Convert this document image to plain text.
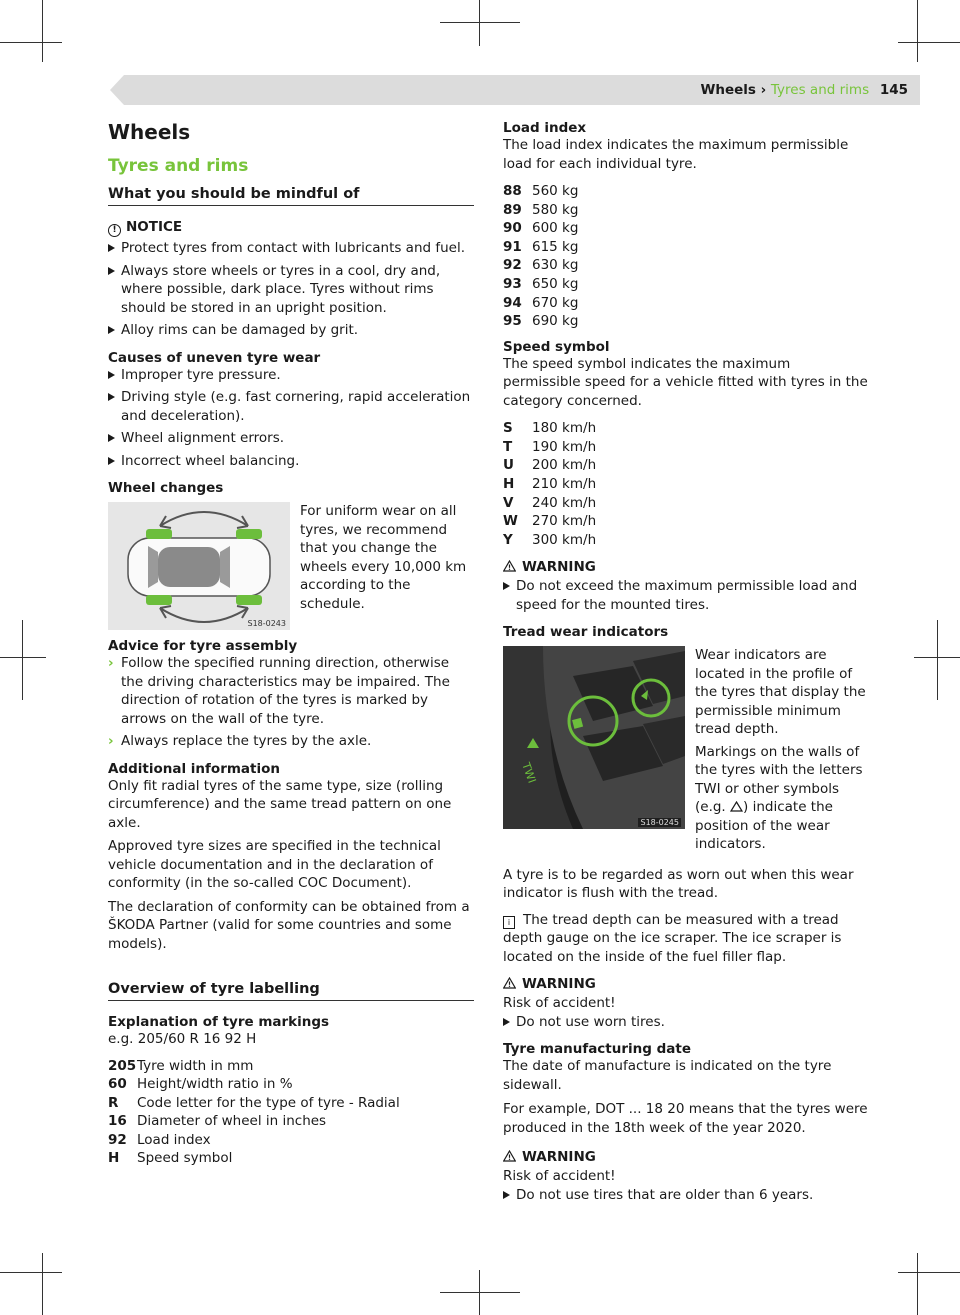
Wheels › Tyres and rims 145
Wheels
Tyres and rims
What you should be mindful of
! NOTICE
Protect tyres from contact with lubricants and fuel.
Always store wheels or tyres in a cool, dry and, where possible, dark place. Tyres without rims should be stored in an upright position.
Alloy rims can be damaged by grit.
Causes of uneven tyre wear
Improper tyre pressure.
Driving style (e.g. fast cornering, rapid acceleration and deceleration).
Wheel alignment errors.
Incorrect wheel balancing.
Wheel changes
S18-0243

For uniform wear on all tyres, we recommend that you change the wheels every 10,000 km according to the schedule.

Advice for tyre assembly
› Follow the specified running direction, otherwise the driving characteristics may be impaired. The direction of rotation of the tyres is marked by arrows on the wall of the tyre.
› Always replace the tyres by the axle.
Additional information

Only fit radial tyres of the same type, size (rolling circumference) and the same tread pattern on one axle.

Approved tyre sizes are specified in the technical vehicle documentation and in the declaration of conformity (in the so-called COC Document).

The declaration of conformity can be obtained from a ŠKODA Partner (valid for some countries and some models).

Overview of tyre labelling
Explanation of tyre markings

e.g. 205/60 R 16 92 H

205 Tyre width in mm
60 Height/width ratio in %
R	Code letter for the type of tyre - Radial
16 Diameter of wheel in inches
92 Load index
H	Speed symbol
Load index

The load index indicates the maximum permissible load for each individual tyre.

88 560 kg
89 580 kg
90 600 kg
91 615 kg
92 630 kg
93 650 kg
94 670 kg
95 690 kg
Speed symbol

The speed symbol indicates the maximum permissible speed for a vehicle fitted with tyres in the category concerned.

S	180 km/h
T	190 km/h
U	200 km/h
H	210 km/h
V	240 km/h
W	270 km/h
Y	300 km/h
WARNING
Do not exceed the maximum permissible load and speed for the mounted tires.
Tread wear indicators
TWI
S18-0245

Wear indicators are located in the profile of the tyres that display the permissible minimum tread depth.

Markings on the walls of the tyres with the letters TWI or other symbols (e.g. ) indicate the position of the wear indicators.

A tyre is to be regarded as worn out when this wear indicator is flush with the tread.

i The tread depth can be measured with a tread depth gauge on the ice scraper. The ice scraper is located on the inside of the fuel filler flap.

WARNING

Risk of accident!

Do not use worn tires.
Tyre manufacturing date

The date of manufacture is indicated on the tyre sidewall.

For example, DOT ... 18 20 means that the tyres were produced in the 18th week of the year 2020.

WARNING

Risk of accident!

Do not use tires that are older than 6 years.
